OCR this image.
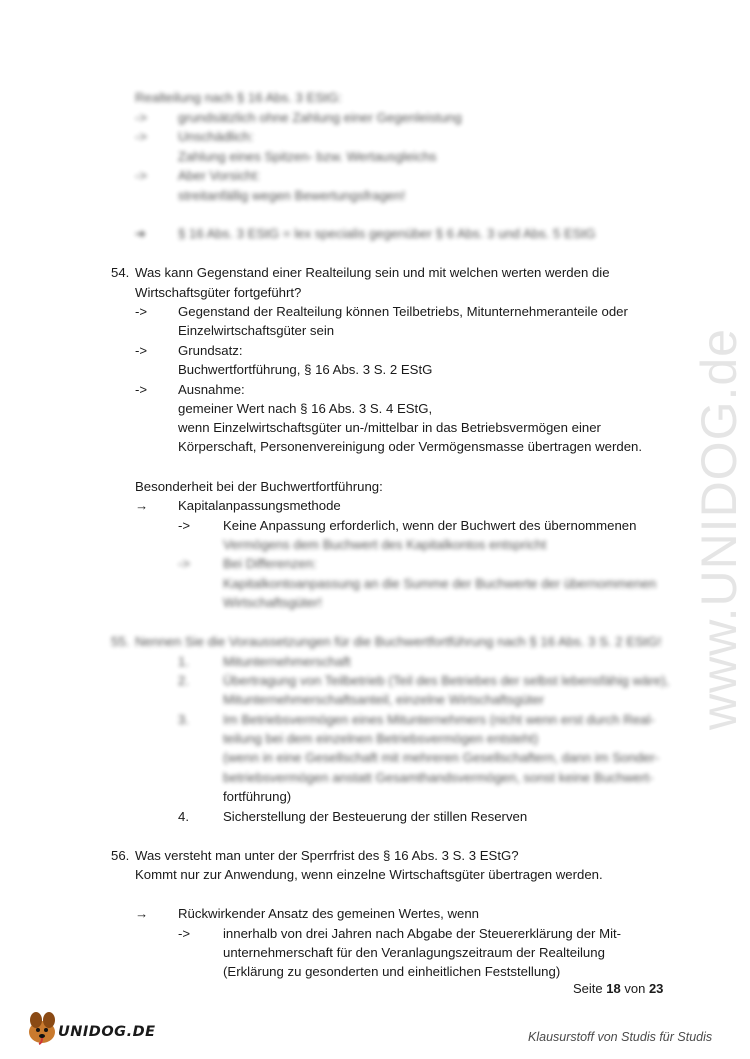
www.UNIDOG.de
Realteilung nach § 16 Abs. 3 EStG:
-> grundsätzlich ohne Zahlung einer Gegenleistung
-> Unschädlich:
Zahlung eines Spitzen- bzw. Wertausgleichs
-> Aber Vorsicht:
streitanfällig wegen Bewertungsfragen!
➔ § 16 Abs. 3 EStG = lex specialis gegenüber § 6 Abs. 3 und Abs. 5 EStG
54. Was kann Gegenstand einer Realteilung sein und mit welchen werten werden die
Wirtschaftsgüter fortgeführt?
-> Gegenstand der Realteilung können Teilbetriebs, Mitunternehmeranteile oder
Einzelwirtschaftsgüter sein
-> Grundsatz:
Buchwertfortführung, § 16 Abs. 3 S. 2 EStG
-> Ausnahme:
gemeiner Wert nach § 16 Abs. 3 S. 4 EStG,
wenn Einzelwirtschaftsgüter un-/mittelbar in das Betriebsvermögen einer
Körperschaft, Personenvereinigung oder Vermögensmasse übertragen werden.
Besonderheit bei der Buchwertfortführung:
→ Kapitalanpassungsmethode
-> Keine Anpassung erforderlich, wenn der Buchwert des übernommenen
Vermögens dem Buchwert des Kapitalkontos entspricht
-> Bei Differenzen:
Kapitalkontoanpassung an die Summe der Buchwerte der übernommenen
Wirtschaftsgüter!
55. Nennen Sie die Voraussetzungen für die Buchwertfortführung nach § 16 Abs. 3 S. 2 EStG!
1.	Mitunternehmerschaft
2.	Übertragung von Teilbetrieb (Teil des Betriebes der selbst lebensfähig wäre),
Mitunternehmerschaftsanteil, einzelne Wirtschaftsgüter
3.	Im Betriebsvermögen eines Mitunternehmers (nicht wenn erst durch Real-
teilung bei dem einzelnen Betriebsvermögen entsteht)
(wenn in eine Gesellschaft mit mehreren Gesellschaftern, dann im Sonder-
betriebsvermögen anstatt Gesamthandsvermögen, sonst keine Buchwert-
fortführung)
4.	Sicherstellung der Besteuerung der stillen Reserven
56. Was versteht man unter der Sperrfrist des § 16 Abs. 3 S. 3 EStG?
Kommt nur zur Anwendung, wenn einzelne Wirtschaftsgüter übertragen werden.
→ Rückwirkender Ansatz des gemeinen Wertes, wenn
-> innerhalb von drei Jahren nach Abgabe der Steuererklärung der Mit-
unternehmerschaft für den Veranlagungszeitraum der Realteilung
(Erklärung zu gesonderten und einheitlichen Feststellung)
Seite 18 von 23
UNIDOG.DE	Klausurstoff von Studis für Studis
